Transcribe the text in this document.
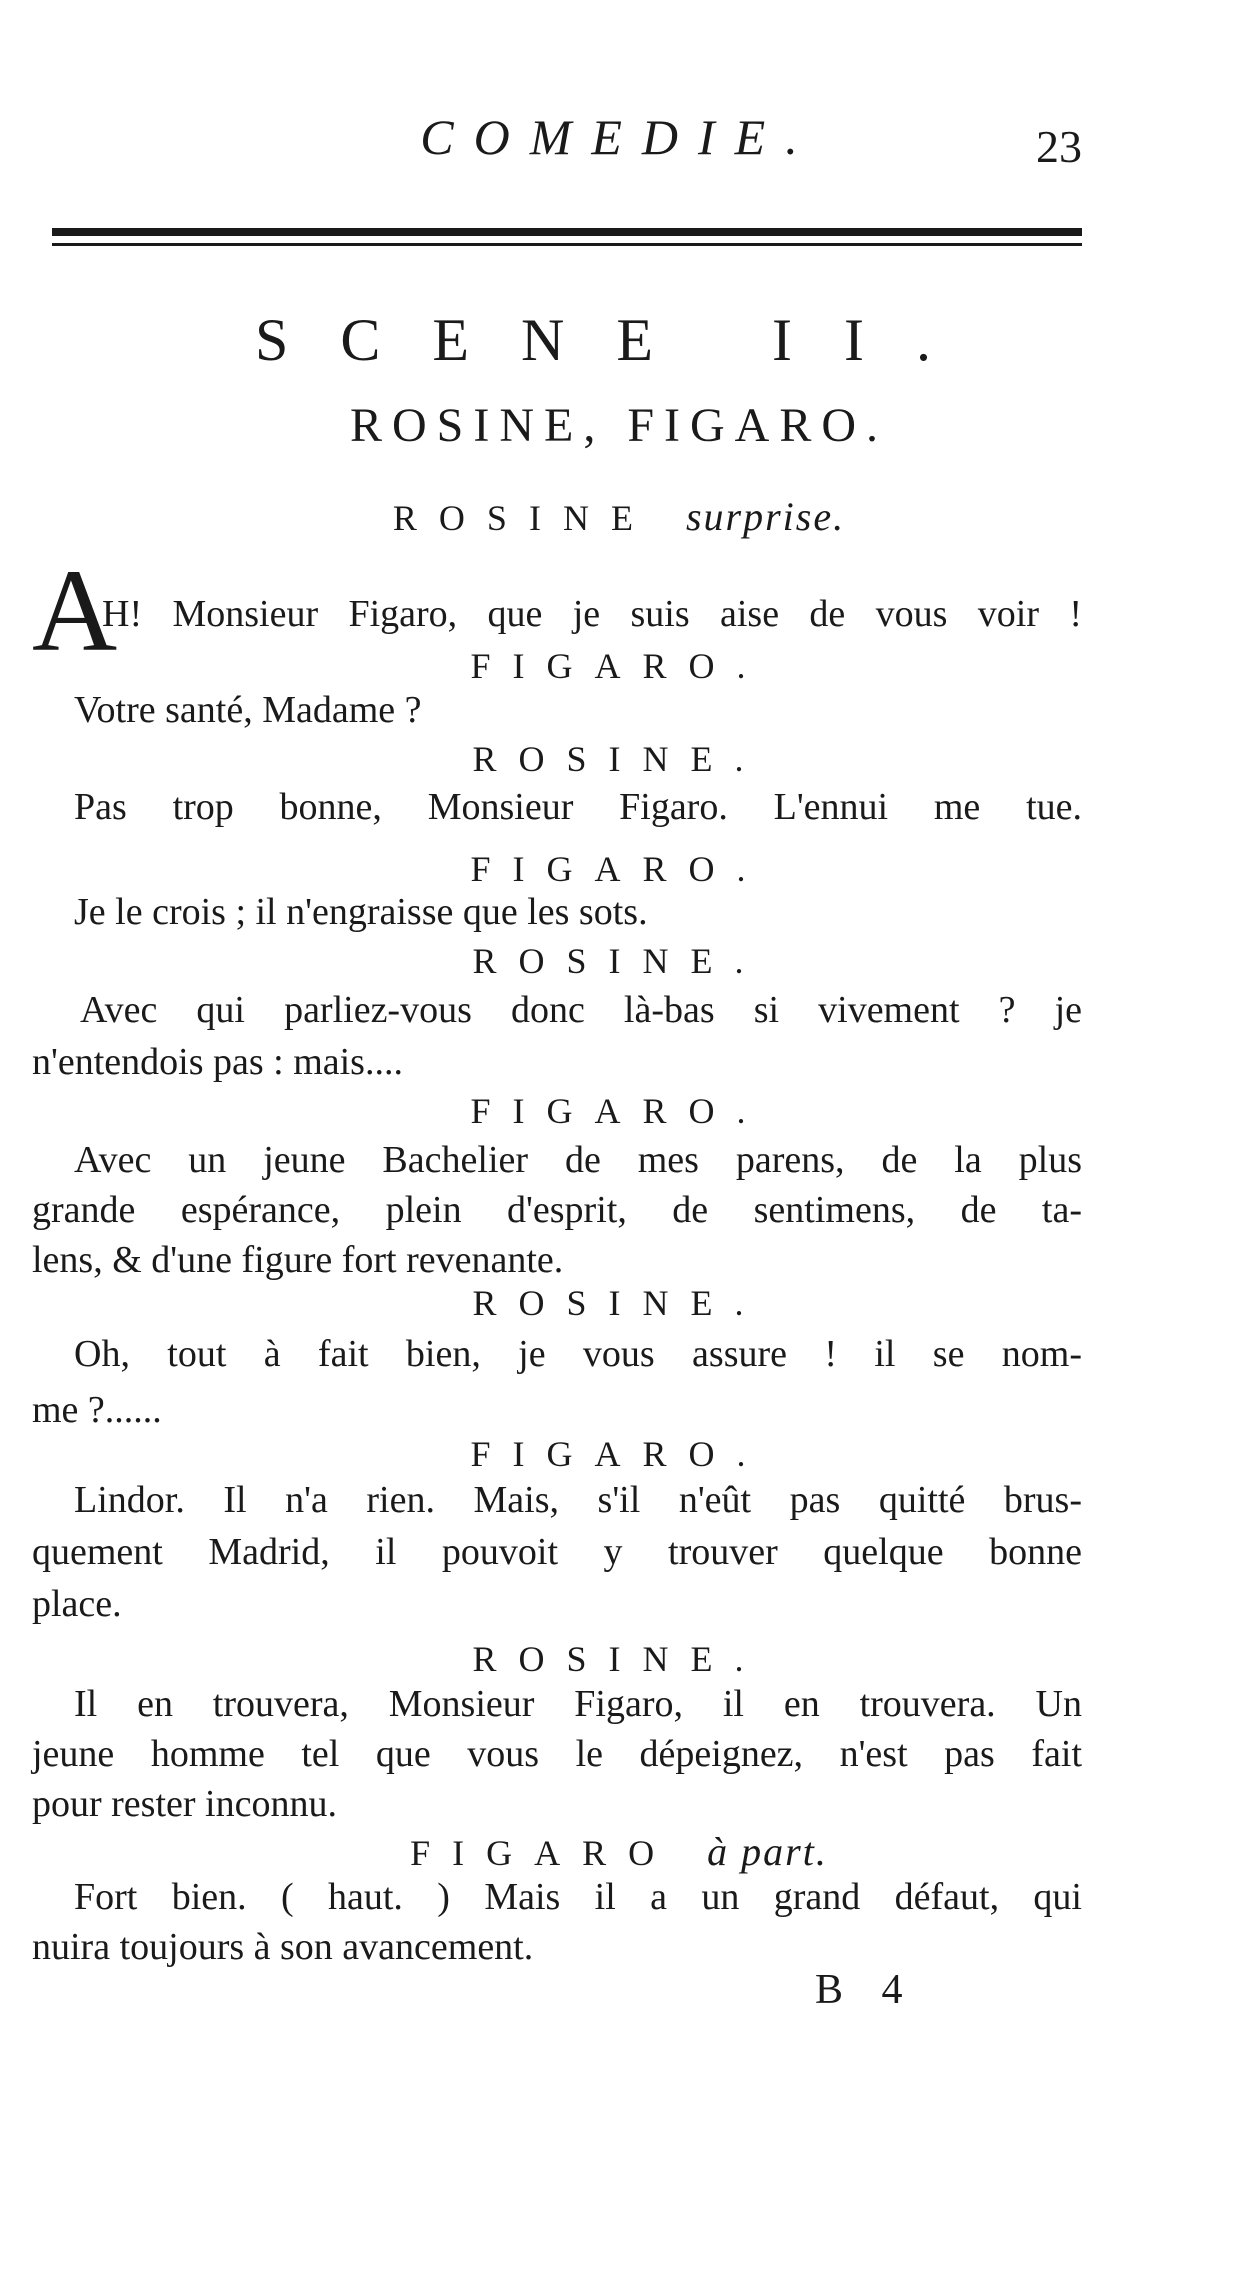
COMEDIE.	23
SCENE II.
ROSINE, FIGARO.
ROSINE surprise.
A
H! Monsieur Figaro, que je suis aise de vous voir !
FIGARO.
Votre santé, Madame ?
ROSINE.
Pas trop bonne, Monsieur Figaro. L'ennui me tue.
FIGARO.
Je le crois ; il n'engraisse que les sots.
ROSINE.
Avec qui parliez-vous donc là-bas si vivement ? je
n'entendois pas : mais....
FIGARO.
Avec un jeune Bachelier de mes parens, de la plus
grande espérance, plein d'esprit, de sentimens, de ta-
lens, & d'une figure fort revenante.
ROSINE.
Oh, tout à fait bien, je vous assure ! il se nom-
me ?......
FIGARO.
Lindor. Il n'a rien. Mais, s'il n'eût pas quitté brus-
quement Madrid, il pouvoit y trouver quelque bonne
place.
ROSINE.
Il en trouvera, Monsieur Figaro, il en trouvera. Un
jeune homme tel que vous le dépeignez, n'est pas fait
pour rester inconnu.
FIGARO à part.
Fort bien. ( haut. ) Mais il a un grand défaut, qui
nuira toujours à son avancement.
B 4
